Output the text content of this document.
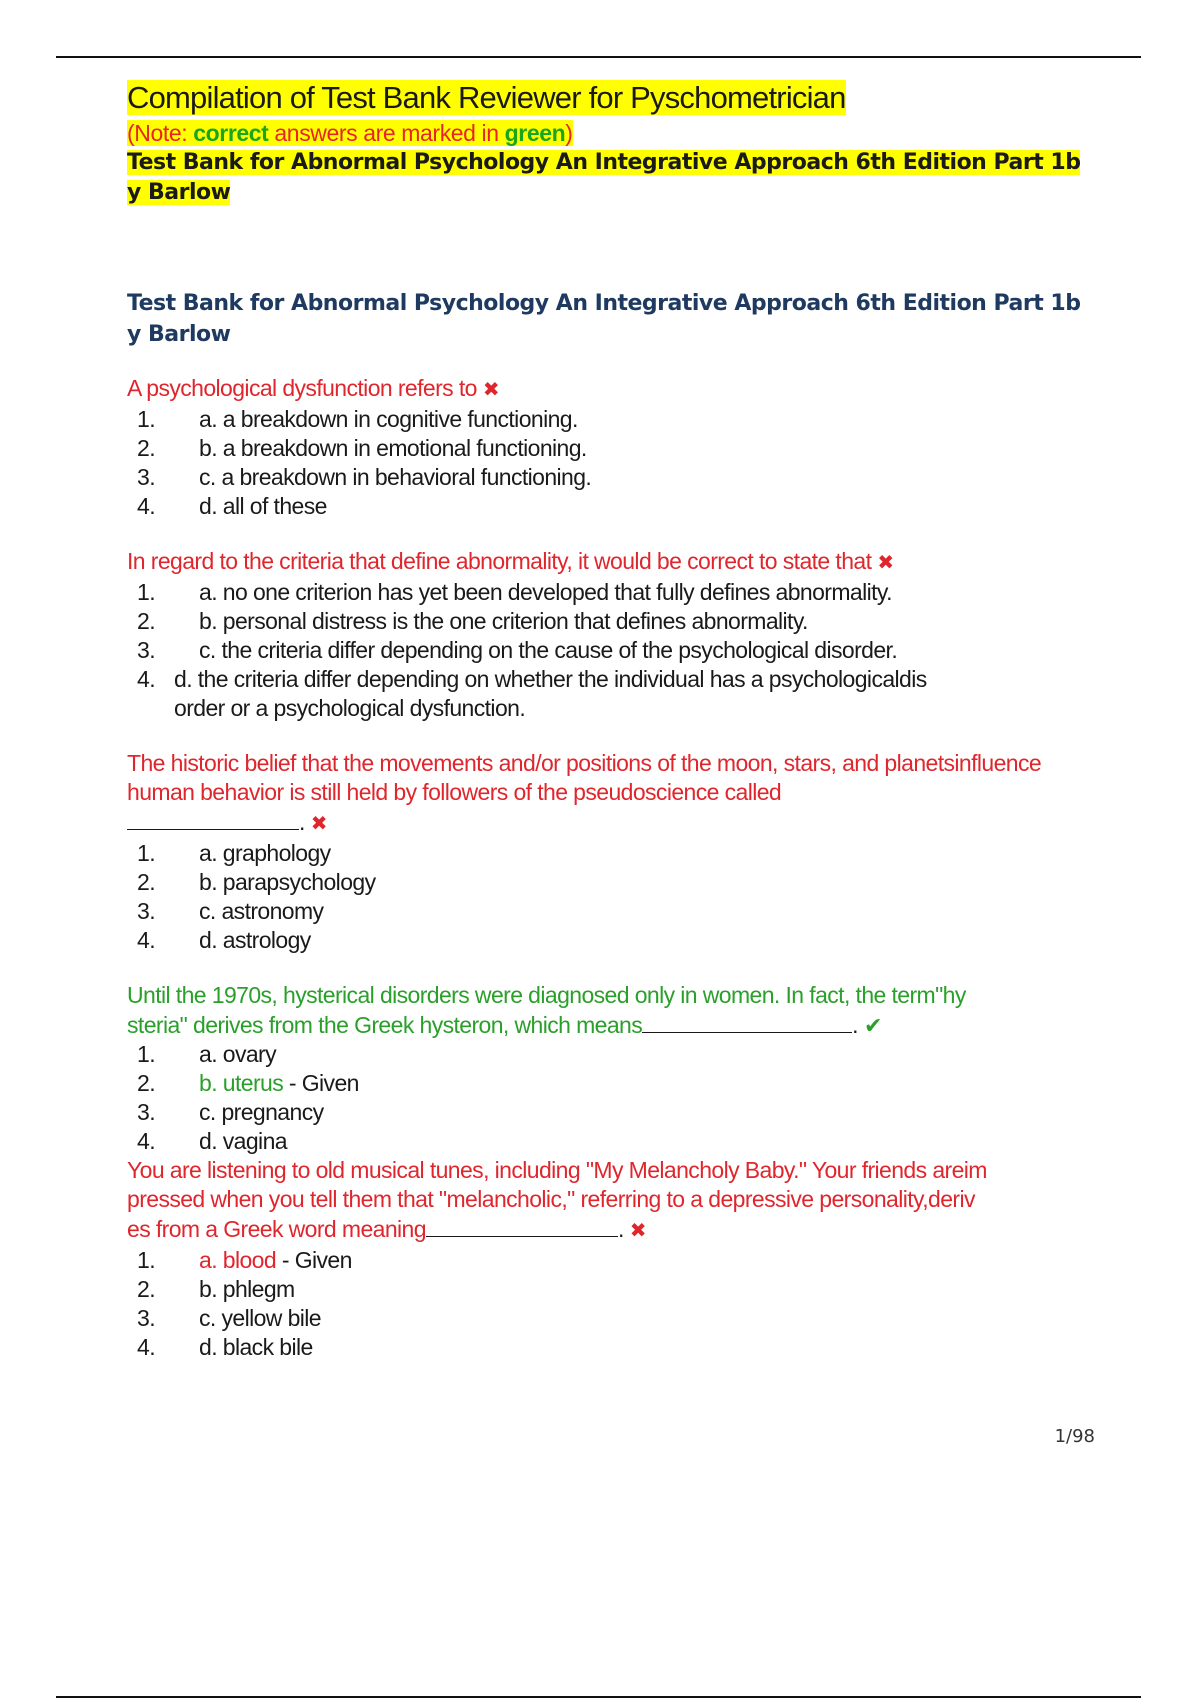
Compilation of Test Bank Reviewer for Pyschometrician
(Note: correct answers are marked in green)
Test Bank for Abnormal Psychology An Integrative Approach 6th Edition Part 1b
y Barlow
Test Bank for Abnormal Psychology An Integrative Approach 6th Edition Part 1b
y Barlow
A psychological dysfunction refers to ✖
1. a. a breakdown in cognitive functioning.
2. b. a breakdown in emotional functioning.
3. c. a breakdown in behavioral functioning.
4. d. all of these
In regard to the criteria that define abnormality, it would be correct to state that ✖
1. a. no one criterion has yet been developed that fully defines abnormality.
2. b. personal distress is the one criterion that defines abnormality.
3. c. the criteria differ depending on the cause of the psychological disorder.
4. d. the criteria differ depending on whether the individual has a psychologicaldis
order or a psychological dysfunction.
The historic belief that the movements and/or positions of the moon, stars, and planetsinfluence
human behavior is still held by followers of the pseudoscience called
. ✖
1. a. graphology
2. b. parapsychology
3. c. astronomy
4. d. astrology
Until the 1970s, hysterical disorders were diagnosed only in women. In fact, the term"hy
steria" derives from the Greek hysteron, which means	. ✔
1. a. ovary
2. b. uterus - Given
3. c. pregnancy
4. d. vagina
You are listening to old musical tunes, including "My Melancholy Baby." Your friends areim
pressed when you tell them that "melancholic," referring to a depressive personality,deriv
es from a Greek word meaning	. ✖
1. a. blood - Given
2. b. phlegm
3. c. yellow bile
4. d. black bile
1/98
